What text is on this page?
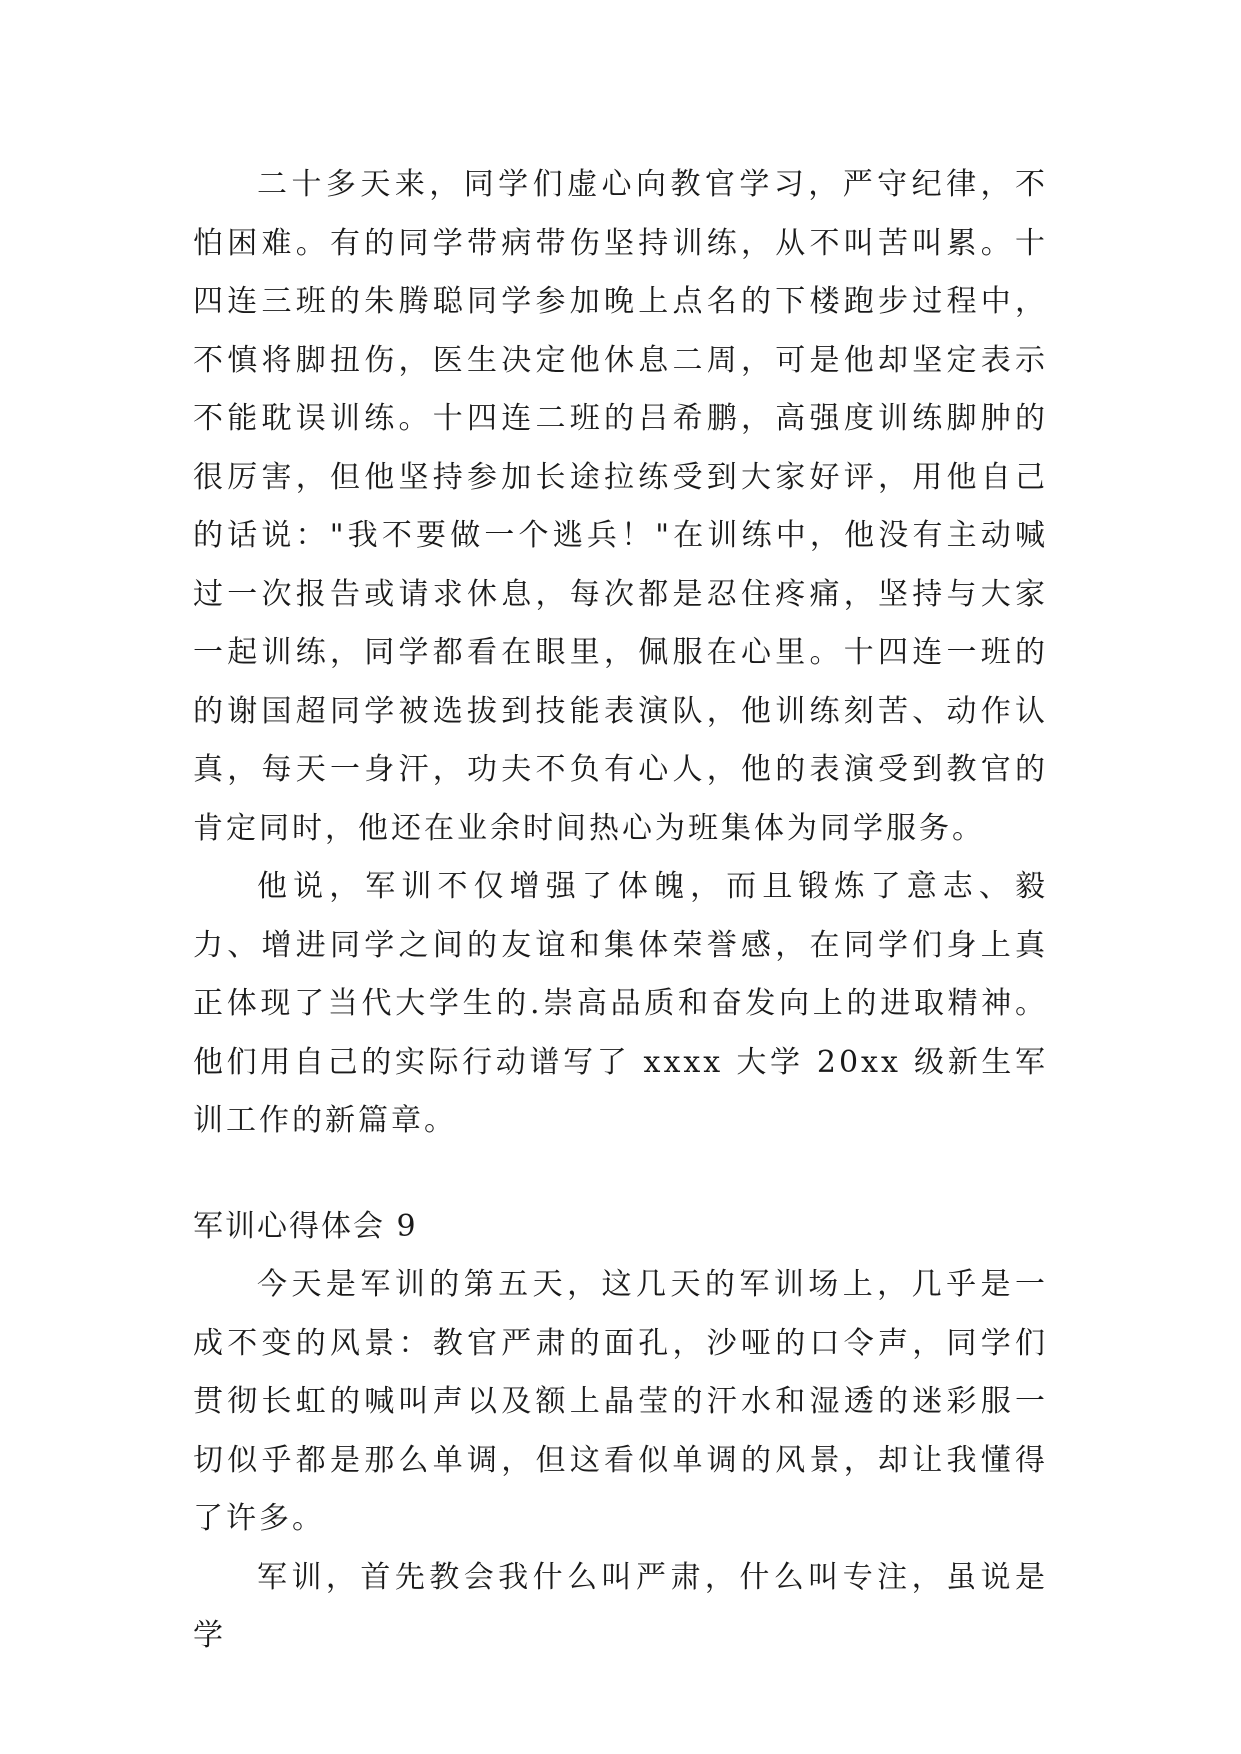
二十多天来，同学们虚心向教官学习，严守纪律，不怕困难。有的同学带病带伤坚持训练，从不叫苦叫累。十四连三班的朱腾聪同学参加晚上点名的下楼跑步过程中，不慎将脚扭伤，医生决定他休息二周，可是他却坚定表示不能耽误训练。十四连二班的吕希鹏，高强度训练脚肿的很厉害，但他坚持参加长途拉练受到大家好评，用他自己的话说："我不要做一个逃兵！"在训练中，他没有主动喊过一次报告或请求休息，每次都是忍住疼痛，坚持与大家一起训练，同学都看在眼里，佩服在心里。十四连一班的的谢国超同学被选拔到技能表演队，他训练刻苦、动作认真，每天一身汗，功夫不负有心人，他的表演受到教官的肯定同时，他还在业余时间热心为班集体为同学服务。

他说，军训不仅增强了体魄，而且锻炼了意志、毅力、增进同学之间的友谊和集体荣誉感，在同学们身上真正体现了当代大学生的.崇高品质和奋发向上的进取精神。他们用自己的实际行动谱写了 xxxx 大学 20xx 级新生军训工作的新篇章。

军训心得体会 9

今天是军训的第五天，这几天的军训场上，几乎是一成不变的风景：教官严肃的面孔，沙哑的口令声，同学们贯彻长虹的喊叫声以及额上晶莹的汗水和湿透的迷彩服一切似乎都是那么单调，但这看似单调的风景，却让我懂得了许多。

军训，首先教会我什么叫严肃，什么叫专注，虽说是学
